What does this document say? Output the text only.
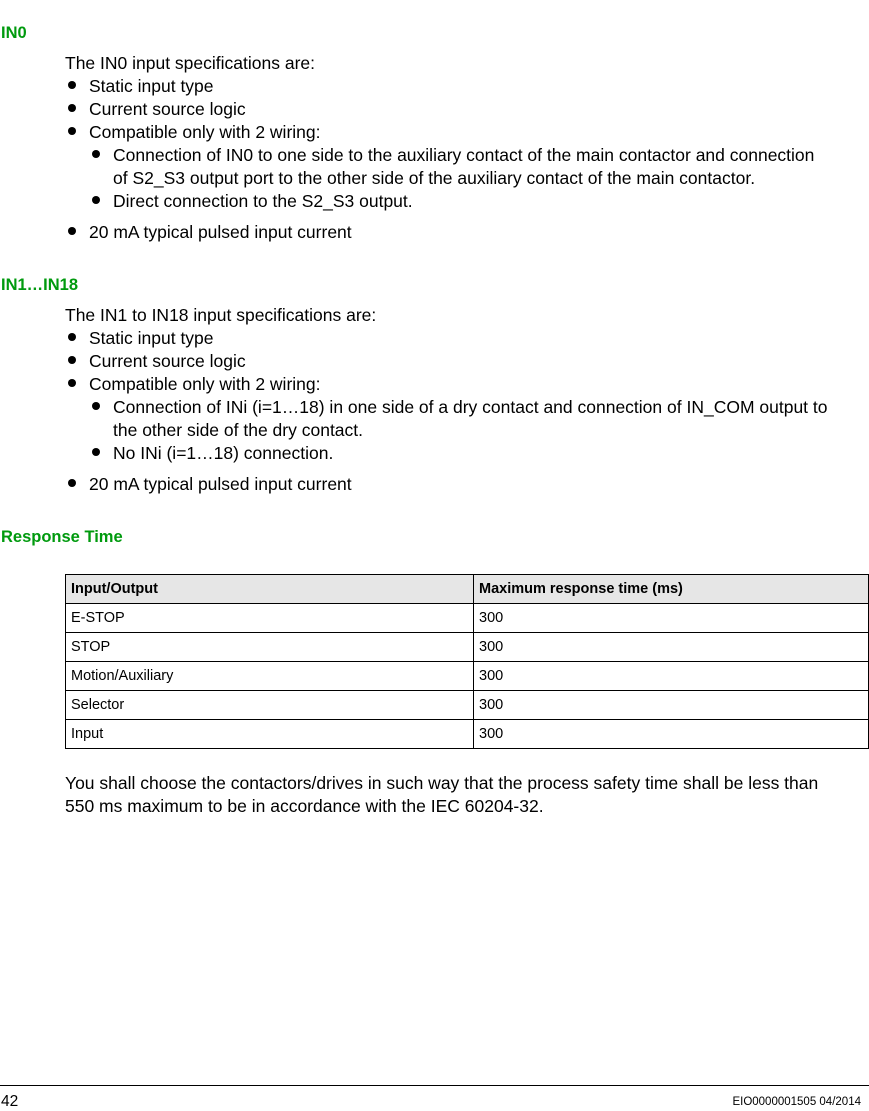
IN0
The IN0 input specifications are:
Static input type
Current source logic
Compatible only with 2 wiring:
Connection of IN0 to one side to the auxiliary contact of the main contactor and connection
of S2_S3 output port to the other side of the auxiliary contact of the main contactor.
Direct connection to the S2_S3 output.
20 mA typical pulsed input current
IN1…IN18
The IN1 to IN18 input specifications are:
Static input type
Current source logic
Compatible only with 2 wiring:
Connection of INi (i=1…18) in one side of a dry contact and connection of IN_COM output to
the other side of the dry contact.
No INi (i=1…18) connection.
20 mA typical pulsed input current
Response Time
Input/Output	Maximum response time (ms)
E-STOP	300
STOP	300
Motion/Auxiliary	300
Selector	300
Input	300
You shall choose the contactors/drives in such way that the process safety time shall be less than
550 ms maximum to be in accordance with the IEC 60204-32.
42	EIO0000001505 04/2014
